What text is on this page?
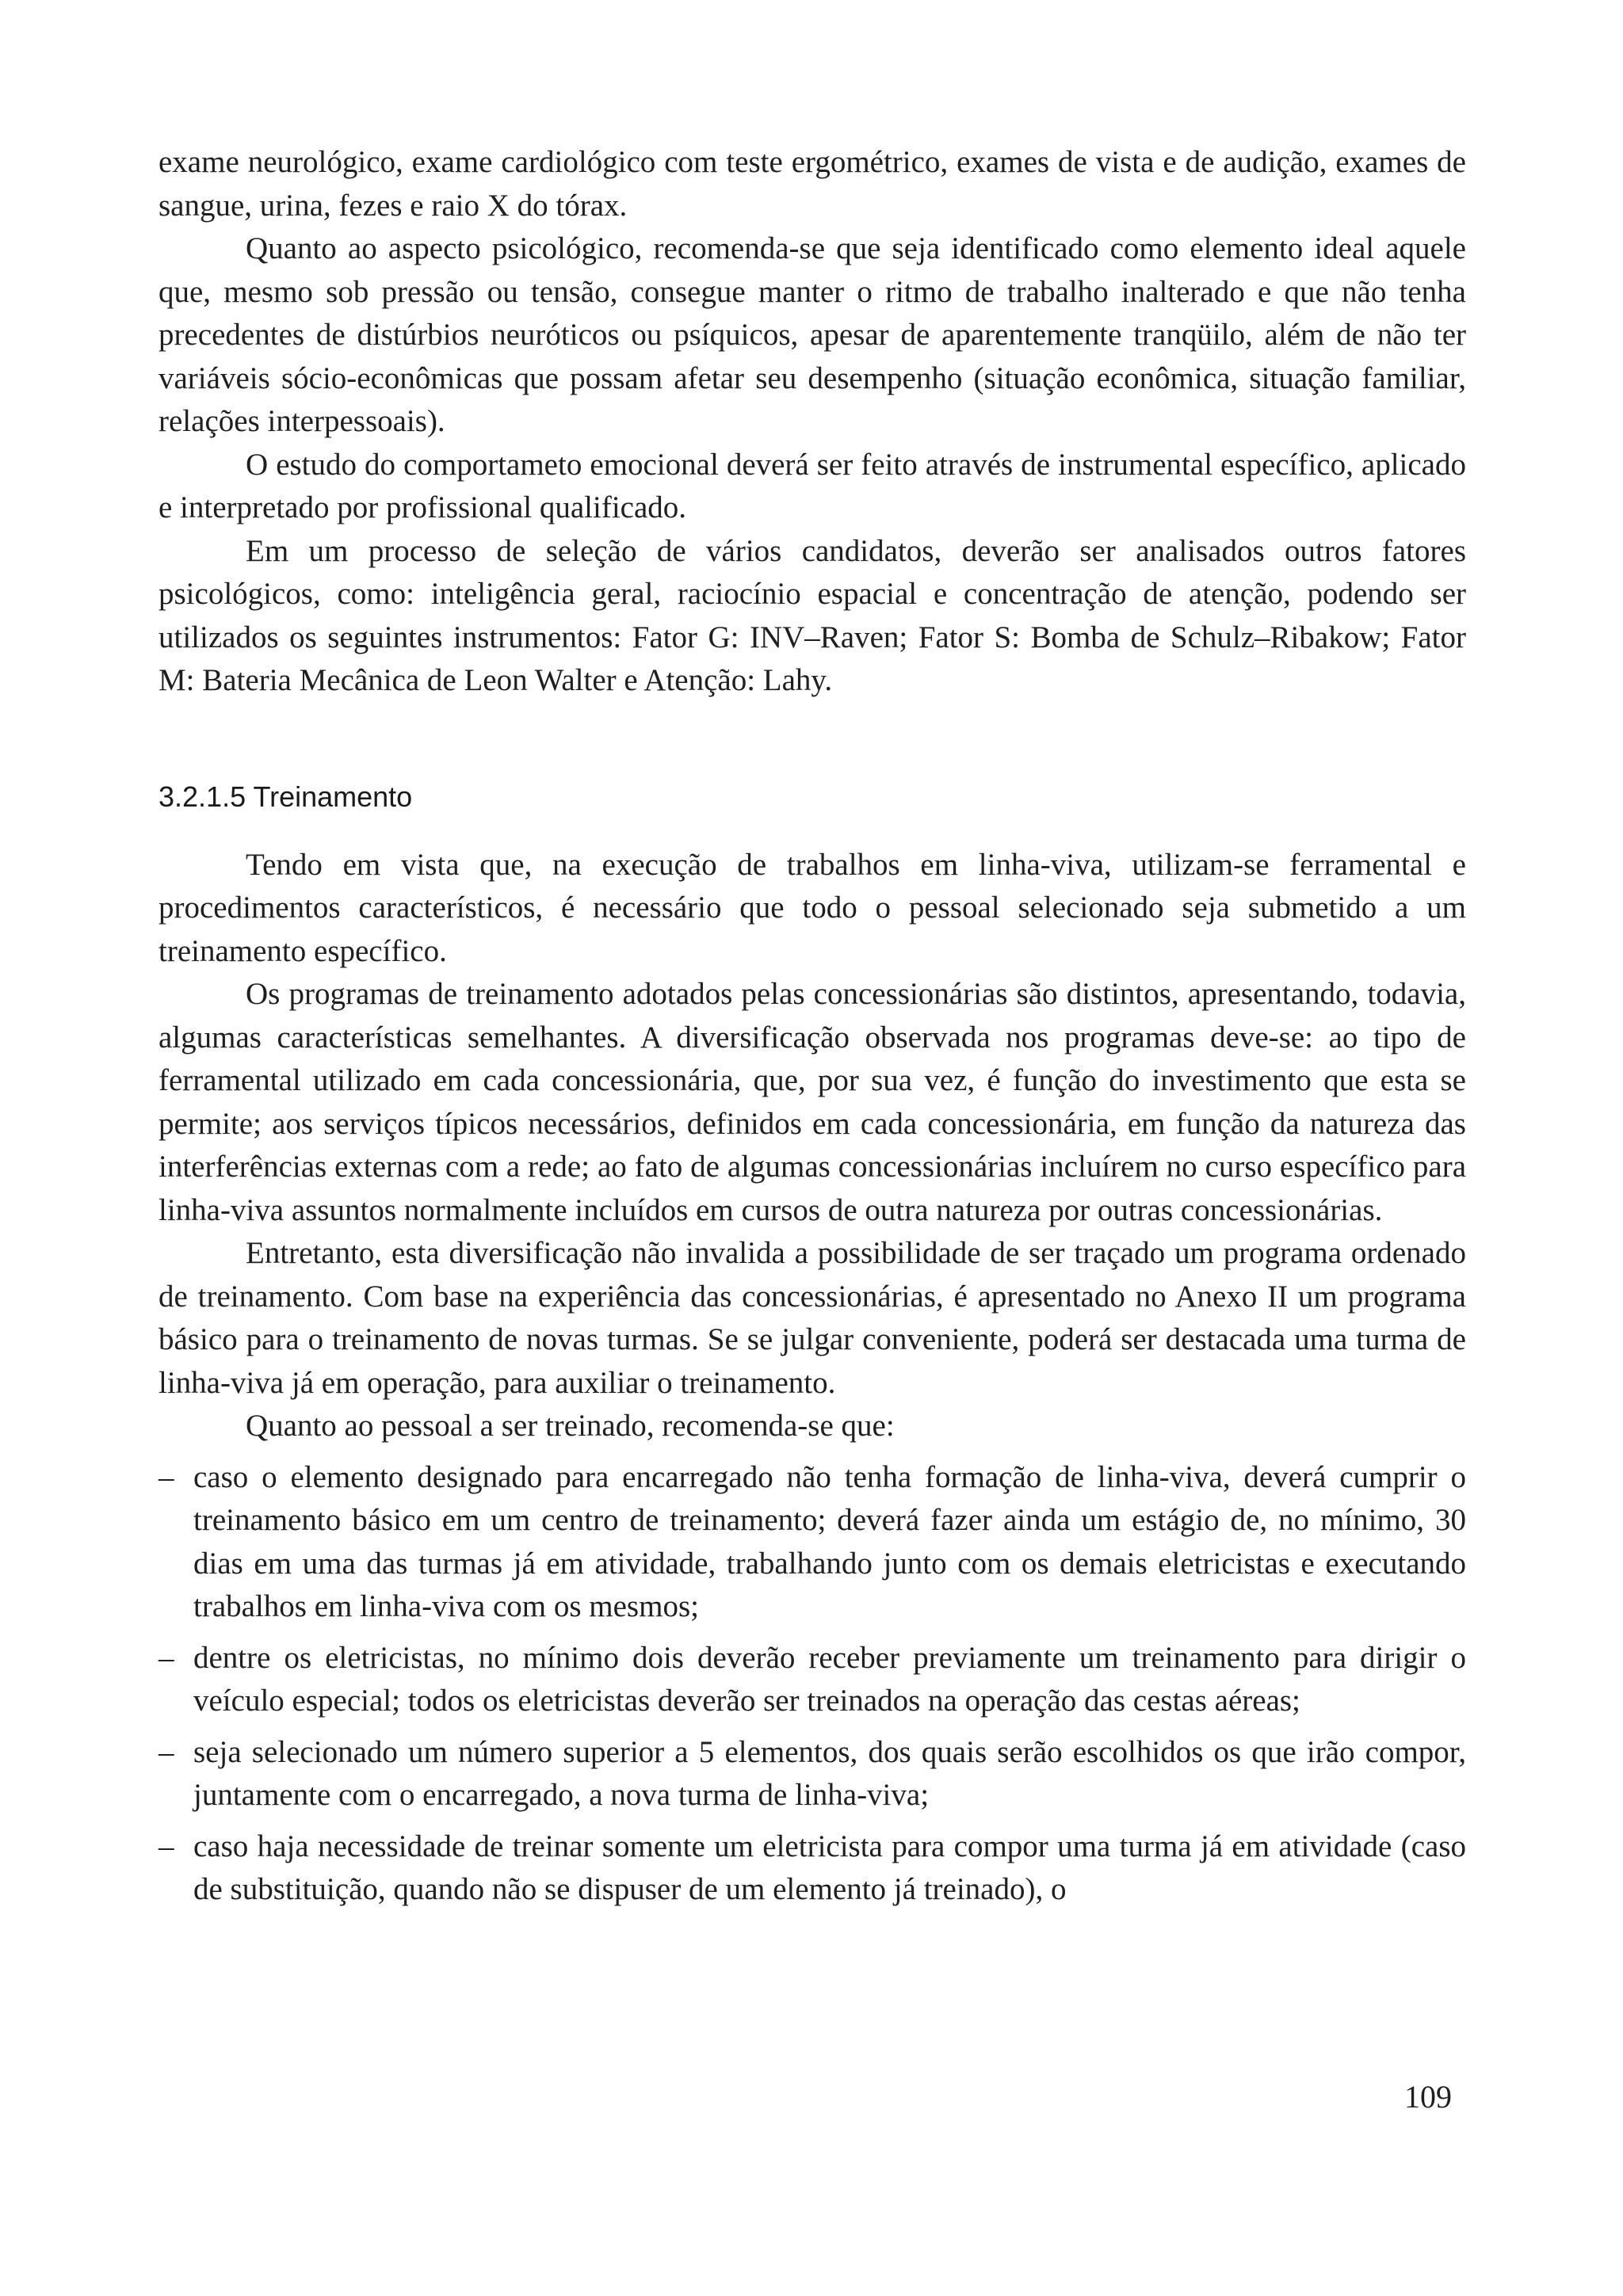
exame neurológico, exame cardiológico com teste ergométrico, exames de vista e de audição, exames de sangue, urina, fezes e raio X do tórax.

Quanto ao aspecto psicológico, recomenda-se que seja identificado como elemento ideal aquele que, mesmo sob pressão ou tensão, consegue manter o ritmo de trabalho inalterado e que não tenha precedentes de distúrbios neuróticos ou psíquicos, apesar de aparentemente tranqüilo, além de não ter variáveis sócio-econômicas que possam afetar seu desempenho (situação econômica, situação familiar, relações interpessoais).

O estudo do comportameto emocional deverá ser feito através de instrumental específico, aplicado e interpretado por profissional qualificado.

Em um processo de seleção de vários candidatos, deverão ser analisados outros fatores psicológicos, como: inteligência geral, raciocínio espacial e concentração de atenção, podendo ser utilizados os seguintes instrumentos: Fator G: INV–Raven; Fator S: Bomba de Schulz–Ribakow; Fator M: Bateria Mecânica de Leon Walter e Atenção: Lahy.

3.2.1.5 Treinamento

Tendo em vista que, na execução de trabalhos em linha-viva, utilizam-se ferramental e procedimentos característicos, é necessário que todo o pessoal selecionado seja submetido a um treinamento específico.

Os programas de treinamento adotados pelas concessionárias são distintos, apresentando, todavia, algumas características semelhantes. A diversificação observada nos programas deve-se: ao tipo de ferramental utilizado em cada concessionária, que, por sua vez, é função do investimento que esta se permite; aos serviços típicos necessários, definidos em cada concessionária, em função da natureza das interferências externas com a rede; ao fato de algumas concessionárias incluírem no curso específico para linha-viva assuntos normalmente incluídos em cursos de outra natureza por outras concessionárias.

Entretanto, esta diversificação não invalida a possibilidade de ser traçado um programa ordenado de treinamento. Com base na experiência das concessionárias, é apresentado no Anexo II um programa básico para o treinamento de novas turmas. Se se julgar conveniente, poderá ser destacada uma turma de linha-viva já em operação, para auxiliar o treinamento.

Quanto ao pessoal a ser treinado, recomenda-se que:

– caso o elemento designado para encarregado não tenha formação de linha-viva, deverá cumprir o treinamento básico em um centro de treinamento; deverá fazer ainda um estágio de, no mínimo, 30 dias em uma das turmas já em atividade, trabalhando junto com os demais eletricistas e executando trabalhos em linha-viva com os mesmos;
– dentre os eletricistas, no mínimo dois deverão receber previamente um treinamento para dirigir o veículo especial; todos os eletricistas deverão ser treinados na operação das cestas aéreas;
– seja selecionado um número superior a 5 elementos, dos quais serão escolhidos os que irão compor, juntamente com o encarregado, a nova turma de linha-viva;
– caso haja necessidade de treinar somente um eletricista para compor uma turma já em atividade (caso de substituição, quando não se dispuser de um elemento já treinado), o
109
